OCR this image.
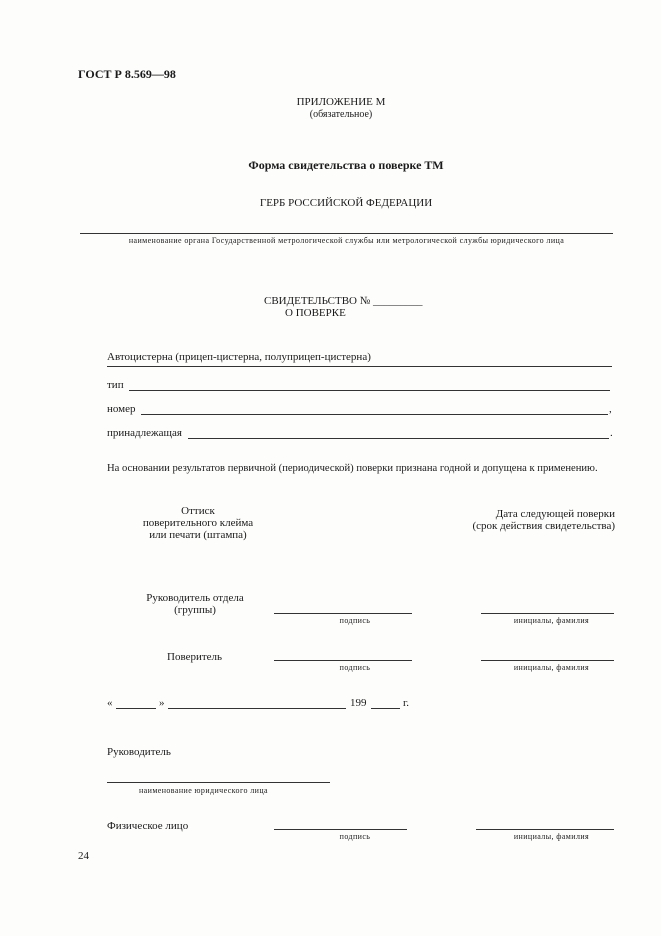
ГОСТ Р 8.569—98
ПРИЛОЖЕНИЕ М
(обязательное)
Форма свидетельства о поверке ТМ
ГЕРБ РОССИЙСКОЙ ФЕДЕРАЦИИ
наименование органа Государственной метрологической службы или метрологической службы юридического лица
СВИДЕТЕЛЬСТВО № _________
О ПОВЕРКЕ
Автоцистерна (прицеп-цистерна, полуприцеп-цистерна)
тип
номер	,
принадлежащая	.
На основании результатов первичной (периодической) поверки признана годной и допущена к применению.
Оттиск
поверительного клейма
или печати (штампа)
Дата следующей поверки
(срок действия свидетельства)
Руководитель отдела
(группы)
подпись	инициалы, фамилия
Поверитель
подпись	инициалы, фамилия
«	»	199	г.
Руководитель
наименование юридического лица
Физическое лицо
подпись	инициалы, фамилия
24
